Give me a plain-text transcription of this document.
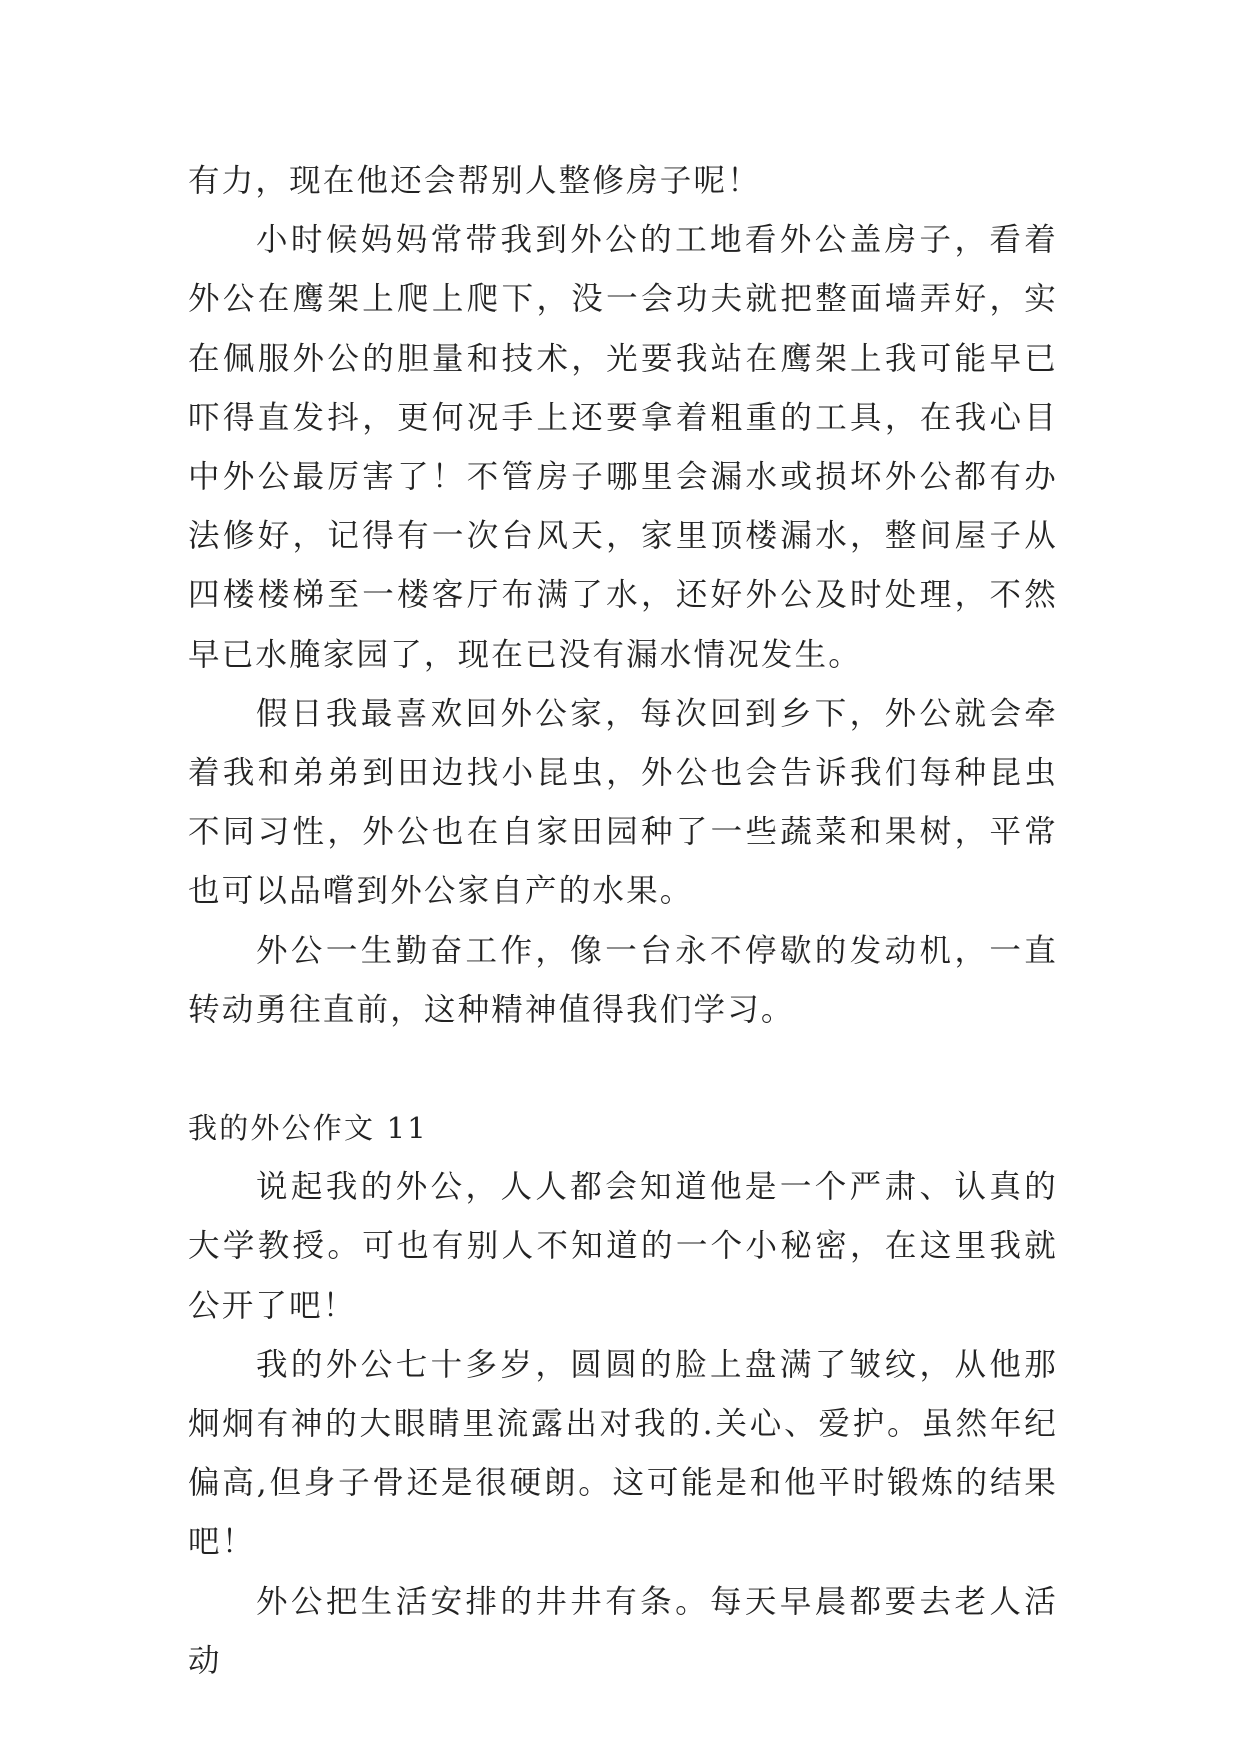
有力，现在他还会帮别人整修房子呢！

小时候妈妈常带我到外公的工地看外公盖房子，看着外公在鹰架上爬上爬下，没一会功夫就把整面墙弄好，实在佩服外公的胆量和技术，光要我站在鹰架上我可能早已吓得直发抖，更何况手上还要拿着粗重的工具，在我心目中外公最厉害了！不管房子哪里会漏水或损坏外公都有办法修好，记得有一次台风天，家里顶楼漏水，整间屋子从四楼楼梯至一楼客厅布满了水，还好外公及时处理，不然早已水腌家园了，现在已没有漏水情况发生。

假日我最喜欢回外公家，每次回到乡下，外公就会牵着我和弟弟到田边找小昆虫，外公也会告诉我们每种昆虫不同习性，外公也在自家田园种了一些蔬菜和果树，平常也可以品嚐到外公家自产的水果。

外公一生勤奋工作，像一台永不停歇的发动机，一直转动勇往直前，这种精神值得我们学习。

我的外公作文 11

说起我的外公，人人都会知道他是一个严肃、认真的大学教授。可也有别人不知道的一个小秘密，在这里我就公开了吧！

我的外公七十多岁，圆圆的脸上盘满了皱纹，从他那炯炯有神的大眼睛里流露出对我的.关心、爱护。虽然年纪偏高,但身子骨还是很硬朗。这可能是和他平时锻炼的结果吧！

外公把生活安排的井井有条。每天早晨都要去老人活动
